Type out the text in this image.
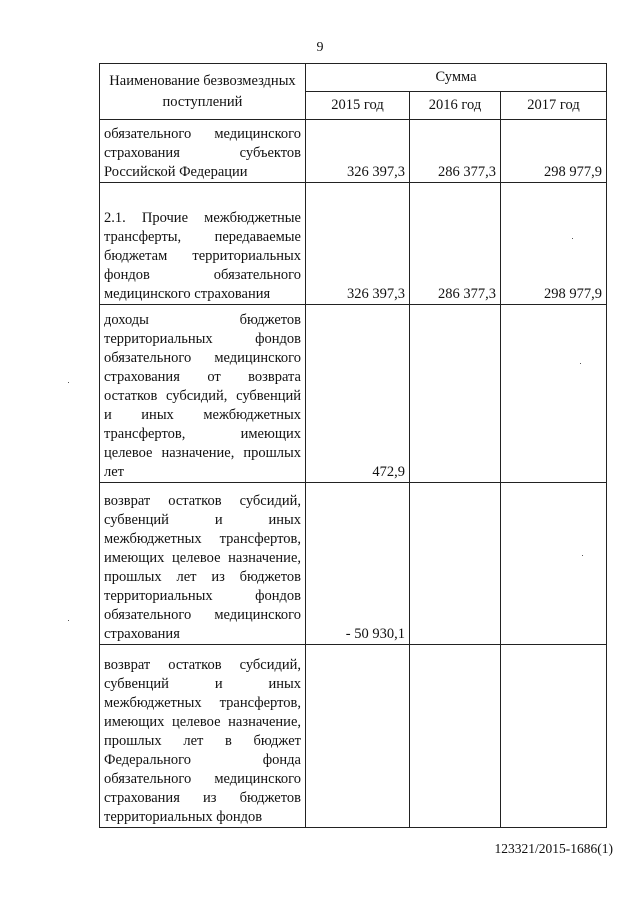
9
Наименование безвозмездных поступлений	Сумма		
	2015 год	2016 год	2017 год
обязательного медицинского страхования субъектов Российской Федерации	326 397,3	286 377,3	298 977,9
2.1. Прочие межбюджетные трансферты, передаваемые бюджетам территориальных фондов обязательного медицинского страхования	326 397,3	286 377,3	298 977,9
доходы бюджетов территориальных фондов обязательного медицинского страхования от возврата остатков субсидий, субвенций и иных межбюджетных трансфертов, имеющих целевое назначение, прошлых лет	472,9		
возврат остатков субсидий, субвенций и иных межбюджетных трансфертов, имеющих целевое назначение, прошлых лет из бюджетов территориальных фондов обязательного медицинского страхования	- 50 930,1		
возврат остатков субсидий, субвенций и иных межбюджетных трансфертов, имеющих целевое назначение, прошлых лет в бюджет Федерального фонда обязательного медицинского страхования из бюджетов территориальных фондов			
123321/2015-1686(1)
